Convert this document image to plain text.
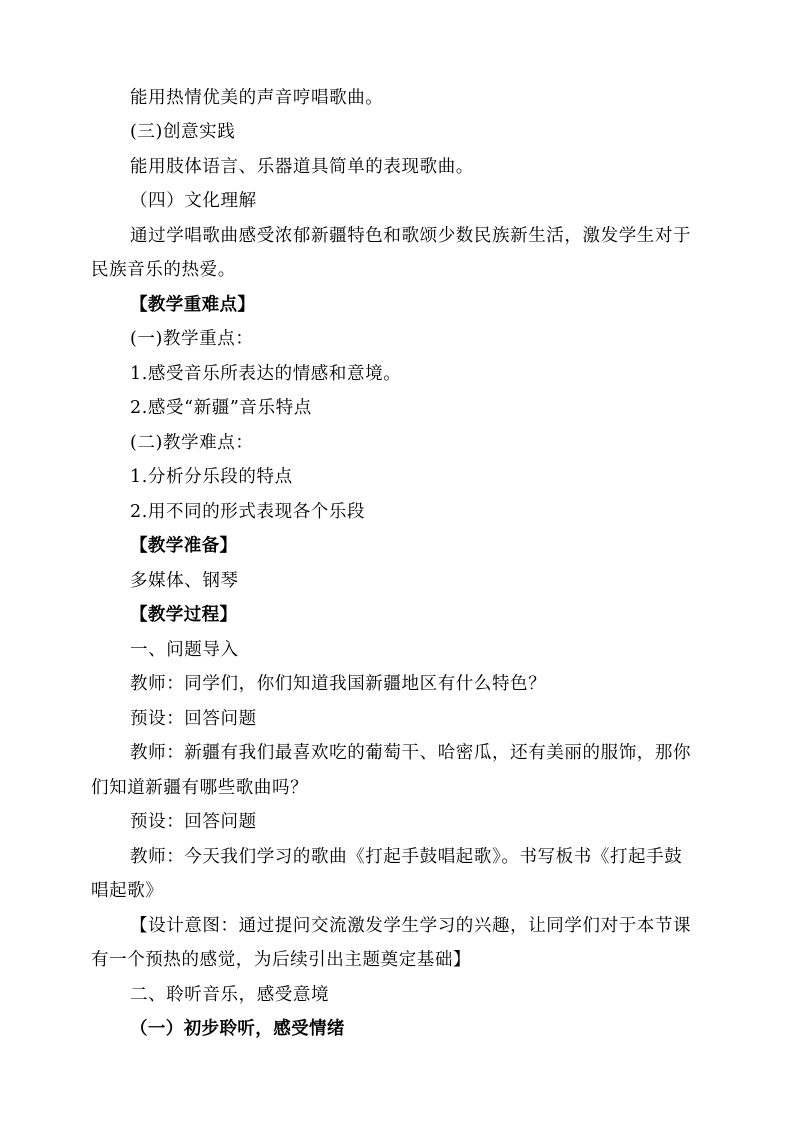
能用热情优美的声音哼唱歌曲。
(三)创意实践
能用肢体语言、乐器道具简单的表现歌曲。
（四）文化理解
通过学唱歌曲感受浓郁新疆特色和歌颂少数民族新生活，激发学生对于
民族音乐的热爱。
【教学重难点】
(一)教学重点：
1.感受音乐所表达的情感和意境。
2.感受“新疆”音乐特点
(二)教学难点：
1.分析分乐段的特点
2.用不同的形式表现各个乐段
【教学准备】
多媒体、钢琴
【教学过程】
一、问题导入
教师：同学们，你们知道我国新疆地区有什么特色？
预设：回答问题
教师：新疆有我们最喜欢吃的葡萄干、哈密瓜，还有美丽的服饰，那你
们知道新疆有哪些歌曲吗？
预设：回答问题
教师：今天我们学习的歌曲《打起手鼓唱起歌》。书写板书《打起手鼓
唱起歌》
【设计意图：通过提问交流激发学生学习的兴趣，让同学们对于本节课
有一个预热的感觉，为后续引出主题奠定基础】
二、聆听音乐，感受意境
（一）初步聆听，感受情绪
